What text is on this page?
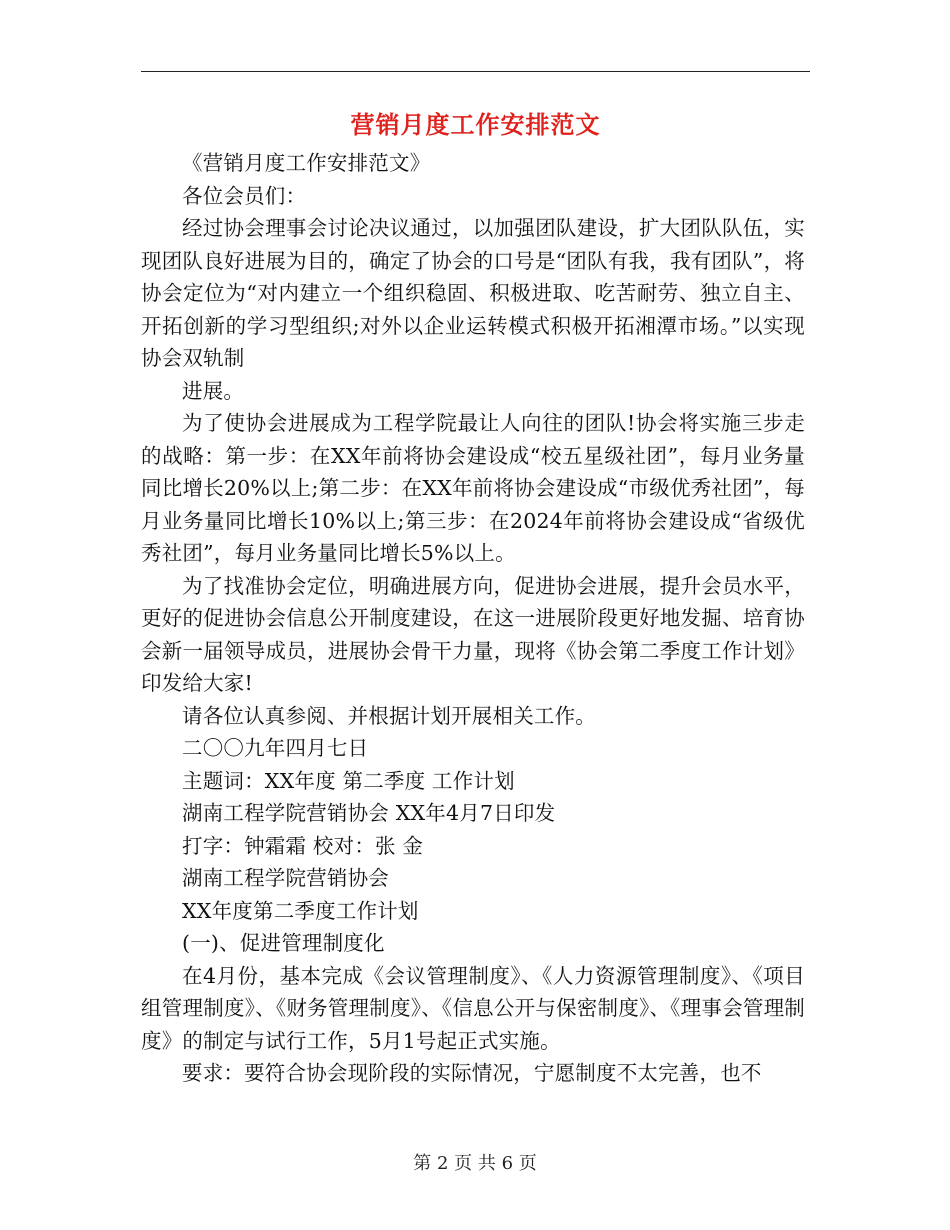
营销月度工作安排范文

《营销月度工作安排范文》

各位会员们：

经过协会理事会讨论决议通过，以加强团队建设，扩大团队队伍，实现团队良好进展为目的，确定了协会的口号是“团队有我，我有团队”，将协会定位为“对内建立一个组织稳固、积极进取、吃苦耐劳、独立自主、开拓创新的学习型组织;对外以企业运转模式积极开拓湘潭市场。”以实现协会双轨制

进展。

为了使协会进展成为工程学院最让人向往的团队!协会将实施三步走的战略：第一步：在XX年前将协会建设成“校五星级社团”，每月业务量同比增长20%以上;第二步：在XX年前将协会建设成“市级优秀社团”，每月业务量同比增长10%以上;第三步：在2024年前将协会建设成“省级优秀社团”，每月业务量同比增长5%以上。

为了找准协会定位，明确进展方向，促进协会进展，提升会员水平，更好的促进协会信息公开制度建设，在这一进展阶段更好地发掘、培育协会新一届领导成员，进展协会骨干力量，现将《协会第二季度工作计划》印发给大家!

请各位认真参阅、并根据计划开展相关工作。

二〇〇九年四月七日

主题词：XX年度 第二季度 工作计划

湖南工程学院营销协会 XX年4月7日印发

打字：钟霜霜 校对：张 金

湖南工程学院营销协会

XX年度第二季度工作计划

(一)、促进管理制度化

在4月份，基本完成《会议管理制度》、《人力资源管理制度》、《项目组管理制度》、《财务管理制度》、《信息公开与保密制度》、《理事会管理制度》的制定与试行工作，5月1号起正式实施。

要求：要符合协会现阶段的实际情况，宁愿制度不太完善，也不

第 2 页 共 6 页
